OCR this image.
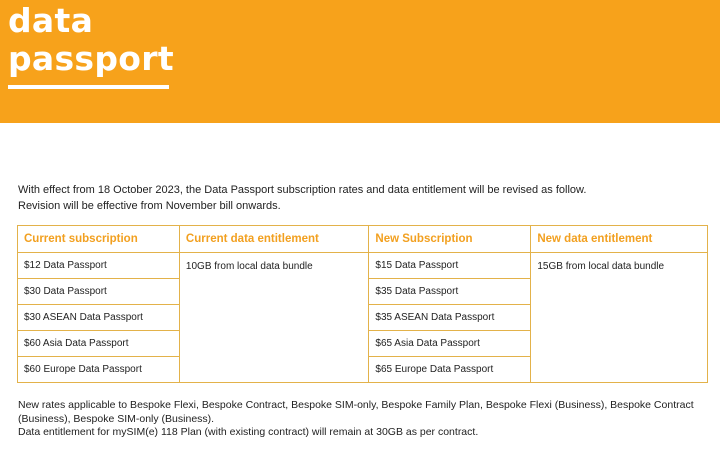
data
passport

With effect from 18 October 2023, the Data Passport subscription rates and data entitlement will be revised as follow.

Revision will be effective from November bill onwards.

Current subscription	Current data entitlement	New Subscription	New data entitlement
$12 Data Passport	10GB from local data bundle	$15 Data Passport	15GB from local data bundle
$30 Data Passport		$35 Data Passport	
$30 ASEAN Data Passport		$35 ASEAN Data Passport	
$60 Asia Data Passport		$65 Asia Data Passport	
$60 Europe Data Passport		$65 Europe Data Passport	

New rates applicable to Bespoke Flexi, Bespoke Contract, Bespoke SIM-only, Bespoke Family Plan, Bespoke Flexi (Business), Bespoke Contract (Business), Bespoke SIM-only (Business).

Data entitlement for mySIM(e) 118 Plan (with existing contract) will remain at 30GB as per contract.
